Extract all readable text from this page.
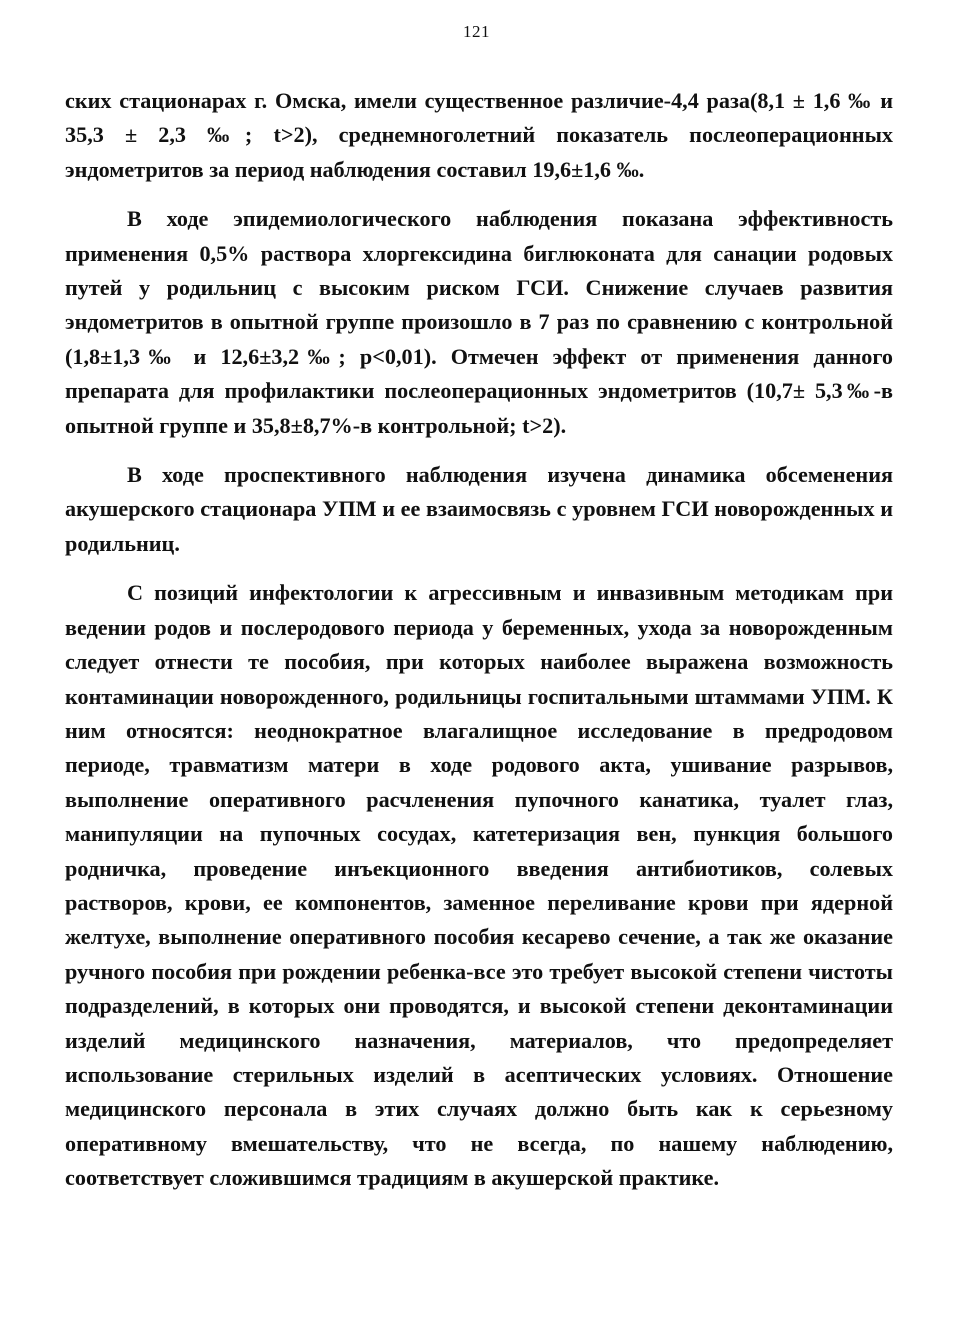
121

ских стационарах г. Омска, имели существенное различие-4,4 раза(8,1 ± 1,6 ‰ и 35,3 ± 2,3 ‰; t>2), среднемноголетний показатель послеоперационных эндометритов за период наблюдения составил 19,6±1,6 ‰.

В ходе эпидемиологического наблюдения показана эффективность применения 0,5% раствора хлоргексидина биглюконата для санации родовых путей у родильниц с высоким риском ГСИ. Снижение случаев развития эндометритов в опытной группе произошло в 7 раз по сравнению с контрольной (1,8±1,3‰ и 12,6±3,2‰; p<0,01). Отмечен эффект от применения данного препарата для профилактики послеоперационных эндометритов (10,7± 5,3‰-в опытной группе и 35,8±8,7%-в контрольной; t>2).

В ходе проспективного наблюдения изучена динамика обсеменения акушерского стационара УПМ и ее взаимосвязь с уровнем ГСИ новорожденных и родильниц.

С позиций инфектологии к агрессивным и инвазивным методикам при ведении родов и послеродового периода у беременных, ухода за новорожденным следует отнести те пособия, при которых наиболее выражена возможность контаминации новорожденного, родильницы госпитальными штаммами УПМ. К ним относятся: неоднократное влагалищное исследование в предродовом периоде, травматизм матери в ходе родового акта, ушивание разрывов, выполнение оперативного расчленения пупочного канатика, туалет глаз, манипуляции на пупочных сосудах, катетеризация вен, пункция большого родничка, проведение инъекционного введения антибиотиков, солевых растворов, крови, ее компонентов, заменное переливание крови при ядерной желтухе, выполнение оперативного пособия кесарево сечение, а так же оказание ручного пособия при рождении ребенка-все это требует высокой степени чистоты подразделений, в которых они проводятся, и высокой степени деконтаминации изделий медицинского назначения, материалов, что предопределяет использование стерильных изделий в асептических условиях. Отношение медицинского персонала в этих случаях должно быть как к серьезному оперативному вмешательству, что не всегда, по нашему наблюдению, соответствует сложившимся традициям в акушерской практике.
